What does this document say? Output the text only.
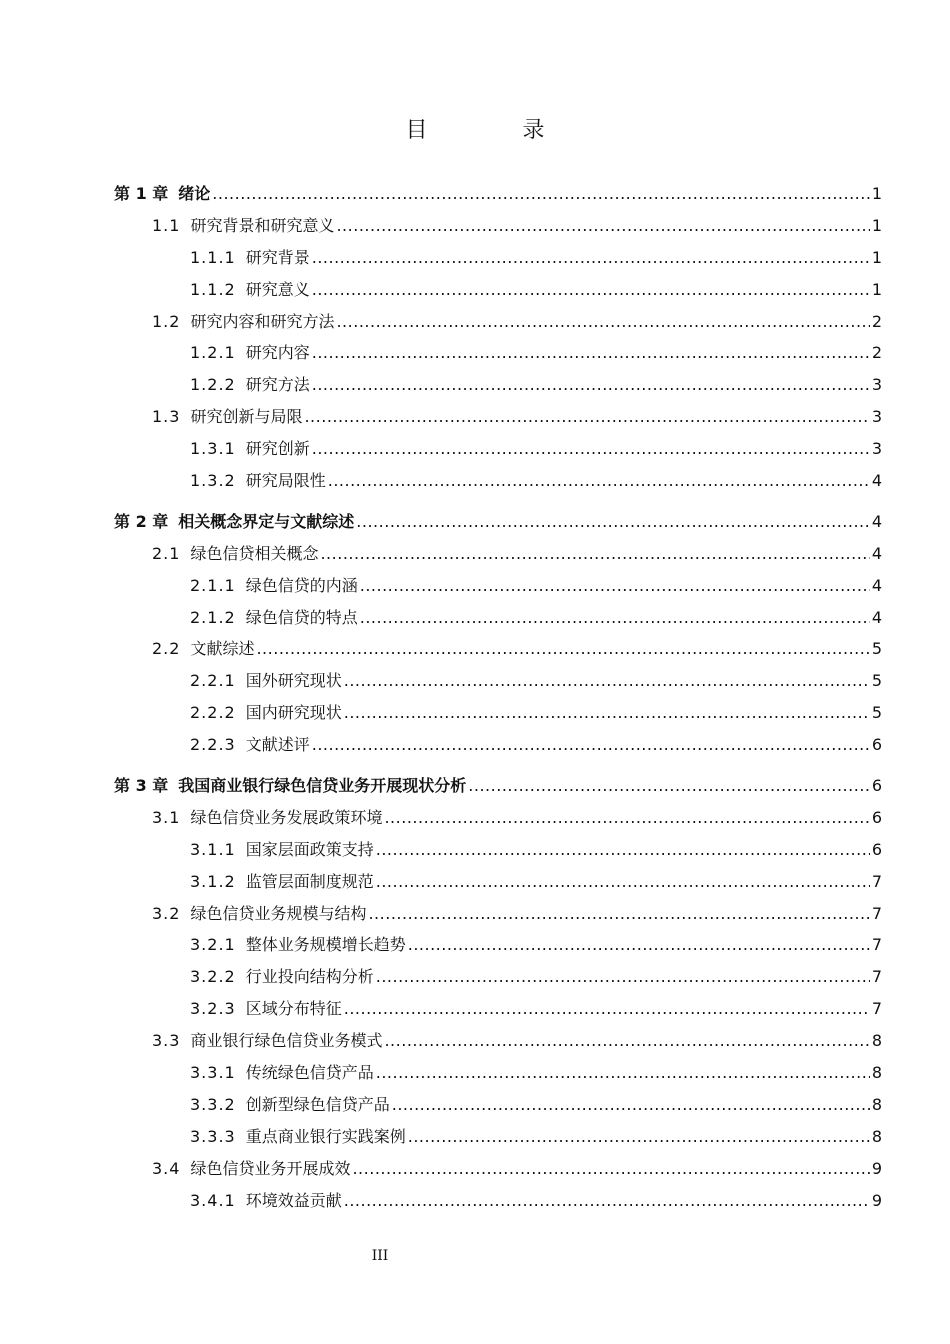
目 录
第 1 章 绪论 .....	1
1.1 研究背景和研究意义 .....	1
1.1.1 研究背景 .....	1
1.1.2 研究意义 .....	1
1.2 研究内容和研究方法 .....	2
1.2.1 研究内容 .....	2
1.2.2 研究方法 .....	3
1.3 研究创新与局限 .....	3
1.3.1 研究创新 .....	3
1.3.2 研究局限性 .....	4
第 2 章 相关概念界定与文献综述 .....	4
2.1 绿色信贷相关概念 .....	4
2.1.1 绿色信贷的内涵 .....	4
2.1.2 绿色信贷的特点 .....	4
2.2 文献综述 .....	5
2.2.1 国外研究现状 .....	5
2.2.2 国内研究现状 .....	5
2.2.3 文献述评 .....	6
第 3 章 我国商业银行绿色信贷业务开展现状分析 .....	6
3.1 绿色信贷业务发展政策环境 .....	6
3.1.1 国家层面政策支持 .....	6
3.1.2 监管层面制度规范 .....	7
3.2 绿色信贷业务规模与结构 .....	7
3.2.1 整体业务规模增长趋势 .....	7
3.2.2 行业投向结构分析 .....	7
3.2.3 区域分布特征 .....	7
3.3 商业银行绿色信贷业务模式 .....	8
3.3.1 传统绿色信贷产品 .....	8
3.3.2 创新型绿色信贷产品 .....	8
3.3.3 重点商业银行实践案例 .....	8
3.4 绿色信贷业务开展成效 .....	9
3.4.1 环境效益贡献 .....	9
III
